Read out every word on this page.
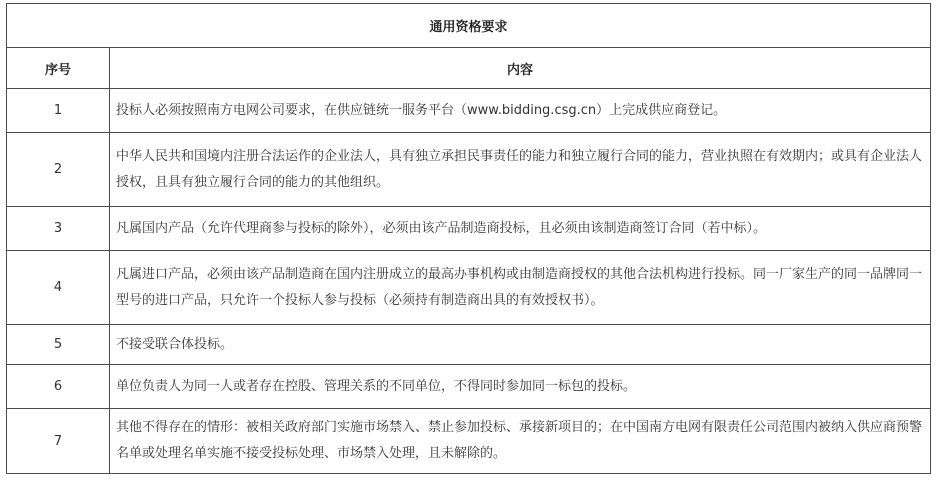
通用资格要求	
序号	内容
1	投标人必须按照南方电网公司要求，在供应链统一服务平台（www.bidding.csg.cn）上完成供应商登记。
2	中华人民共和国境内注册合法运作的企业法人，具有独立承担民事责任的能力和独立履行合同的能力，营业执照在有效期内；或具有企业法人授权，且具有独立履行合同的能力的其他组织。
3	凡属国内产品（允许代理商参与投标的除外），必须由该产品制造商投标，且必须由该制造商签订合同（若中标）。
4	凡属进口产品，必须由该产品制造商在国内注册成立的最高办事机构或由制造商授权的其他合法机构进行投标。同一厂家生产的同一品牌同一型号的进口产品，只允许一个投标人参与投标（必须持有制造商出具的有效授权书）。
5	不接受联合体投标。
6	单位负责人为同一人或者存在控股、管理关系的不同单位，不得同时参加同一标包的投标。
7	其他不得存在的情形：被相关政府部门实施市场禁入、禁止参加投标、承接新项目的；在中国南方电网有限责任公司范围内被纳入供应商预警名单或处理名单实施不接受投标处理、市场禁入处理，且未解除的。
